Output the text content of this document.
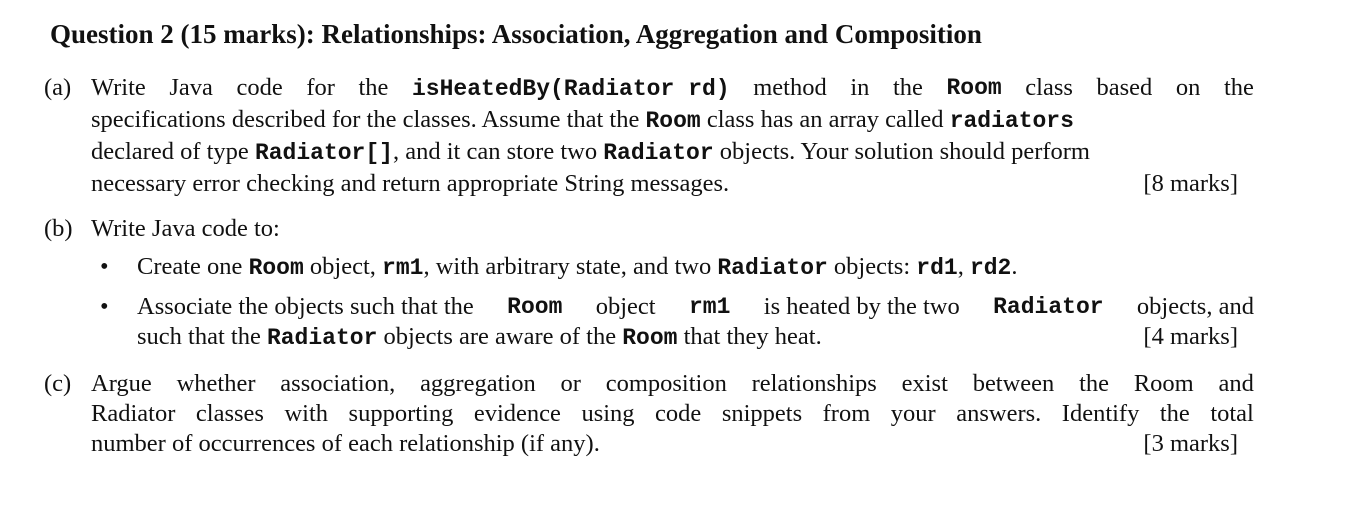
Question 2 (15 marks): Relationships: Association, Aggregation and Composition
(a) Write Java code for the isHeatedBy(Radiator rd) method in the Room class based on the
specifications described for the classes. Assume that the Room class has an array called radiators
declared of type Radiator[], and it can store two Radiator objects. Your solution should perform
necessary error checking and return appropriate String messages.	[8 marks]
(b) Write Java code to:
• Create one Room object, rm1, with arbitrary state, and two Radiator objects: rd1, rd2.
• Associate the objects such that the Room object rm1 is heated by the two Radiator objects, and
such that the Radiator objects are aware of the Room that they heat.	[4 marks]
(c) Argue whether association, aggregation or composition relationships exist between the Room and
Radiator classes with supporting evidence using code snippets from your answers. Identify the total
number of occurrences of each relationship (if any).	[3 marks]
